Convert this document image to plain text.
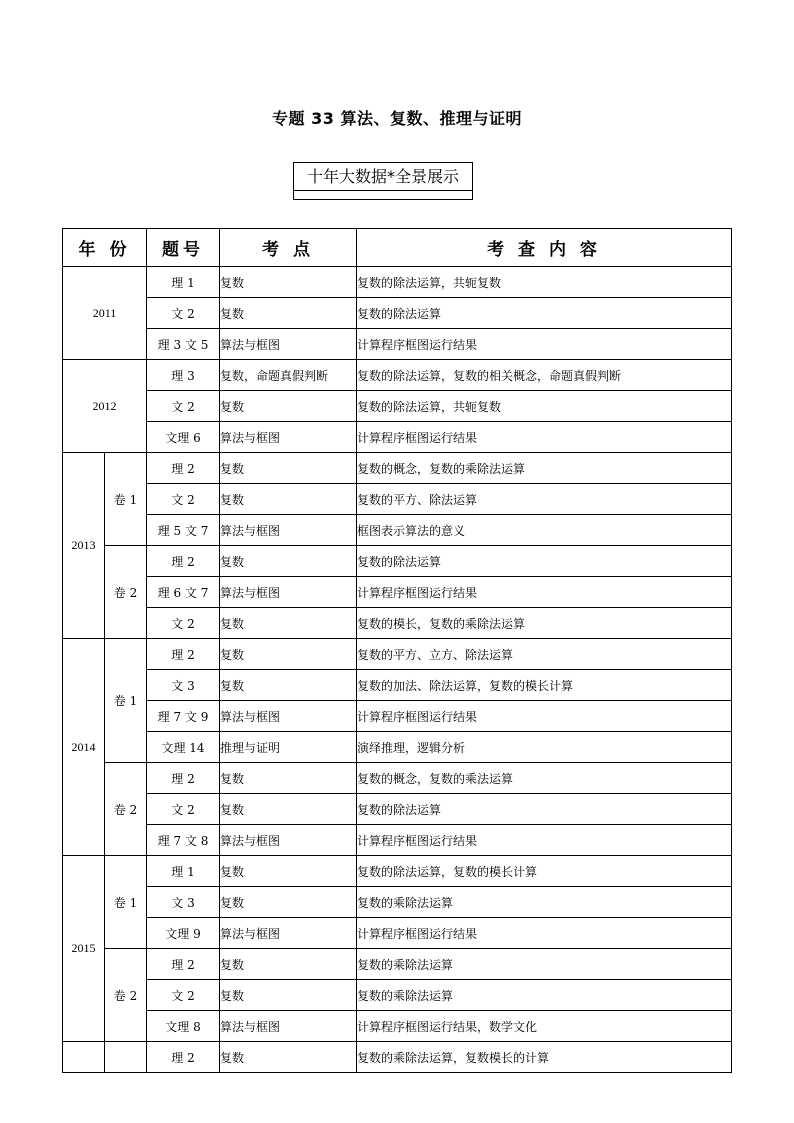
专题 33 算法、复数、推理与证明
十年大数据*全景展示
年 份		题号	考 点	考 查 内 容
2011		理 1	复数	复数的除法运算，共轭复数
		文 2	复数	复数的除法运算
		理 3 文 5	算法与框图	计算程序框图运行结果
2012		理 3	复数，命题真假判断	复数的除法运算，复数的相关概念，命题真假判断
		文 2	复数	复数的除法运算，共轭复数
		文理 6	算法与框图	计算程序框图运行结果
2013	卷 1	理 2	复数	复数的概念，复数的乘除法运算
		文 2	复数	复数的平方、除法运算
		理 5 文 7	算法与框图	框图表示算法的意义
	卷 2	理 2	复数	复数的除法运算
		理 6 文 7	算法与框图	计算程序框图运行结果
		文 2	复数	复数的模长，复数的乘除法运算
2014	卷 1	理 2	复数	复数的平方、立方、除法运算
		文 3	复数	复数的加法、除法运算，复数的模长计算
		理 7 文 9	算法与框图	计算程序框图运行结果
		文理 14	推理与证明	演绎推理，逻辑分析
	卷 2	理 2	复数	复数的概念，复数的乘法运算
		文 2	复数	复数的除法运算
		理 7 文 8	算法与框图	计算程序框图运行结果
2015	卷 1	理 1	复数	复数的除法运算，复数的模长计算
		文 3	复数	复数的乘除法运算
		文理 9	算法与框图	计算程序框图运行结果
	卷 2	理 2	复数	复数的乘除法运算
		文 2	复数	复数的乘除法运算
		文理 8	算法与框图	计算程序框图运行结果，数学文化
		理 2	复数	复数的乘除法运算，复数模长的计算
